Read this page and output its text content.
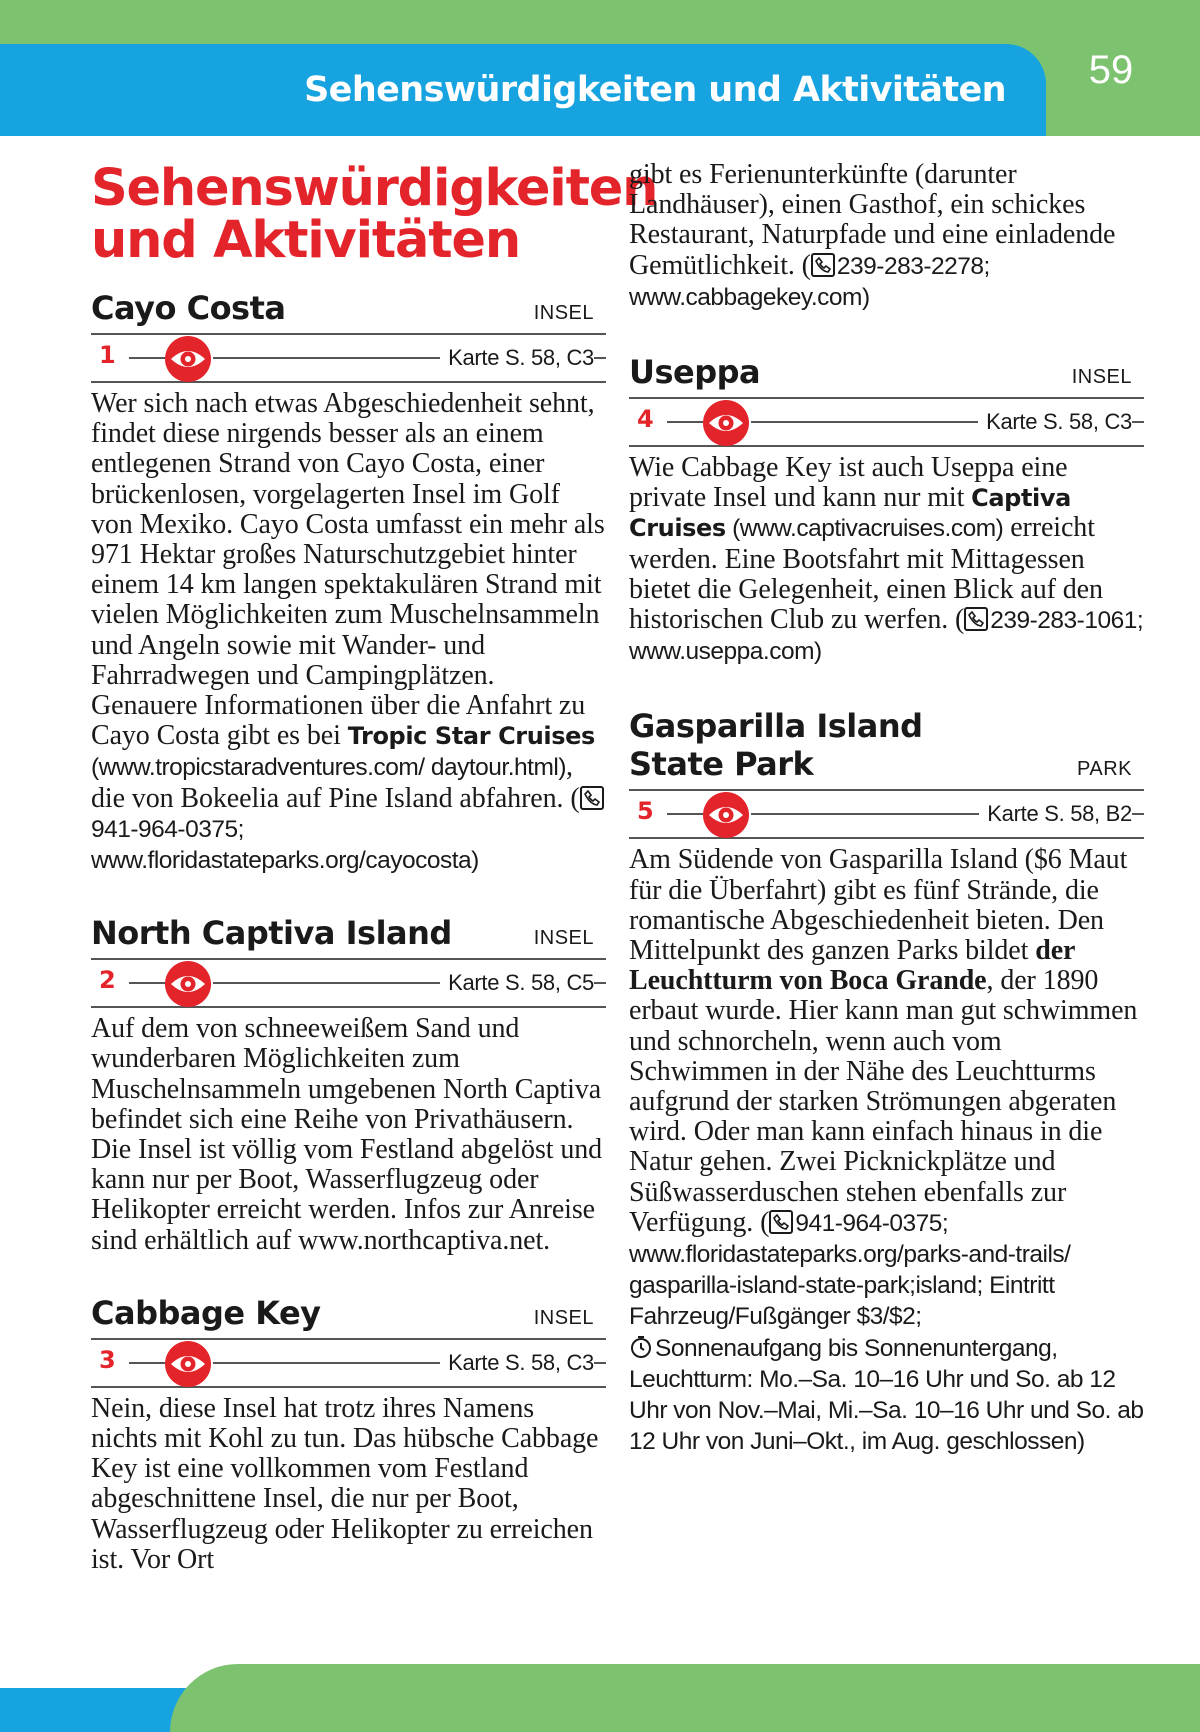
Sehenswürdigkeiten und Aktivitäten	59
Sehenswürdigkeiten
und Aktivitäten
Cayo Costa	INSEL
1	Karte S. 58, C3

Wer sich nach etwas Abgeschiedenheit sehnt, findet diese nirgends besser als an einem entlegenen Strand von Cayo Costa, einer brückenlosen, vorgelagerten Insel im Golf von Mexiko. Cayo Costa umfasst ein mehr als 971 Hektar großes Naturschutzgebiet hinter einem 14 km langen spektakulären Strand mit vielen Möglichkeiten zum Muschelnsammeln und Angeln sowie mit Wander- und Fahrradwegen und Campingplätzen. Genauere Informationen über die Anfahrt zu Cayo Costa gibt es bei Tropic Star Cruises (www.tropicstaradventures.com/ daytour.html), die von Bokeelia auf Pine Island abfahren. (
941-964-0375; www.floridastateparks.org/cayocosta)

North Captiva Island	INSEL
2	Karte S. 58, C5

Auf dem von schneeweißem Sand und wunderbaren Möglichkeiten zum Muschelnsammeln umgebenen North Captiva befindet sich eine Reihe von Privathäusern. Die Insel ist völlig vom Festland abgelöst und kann nur per Boot, Wasserflugzeug oder Helikopter erreicht werden. Infos zur Anreise sind erhältlich auf www.northcaptiva.net.

Cabbage Key	INSEL
3	Karte S. 58, C3

Nein, diese Insel hat trotz ihres Namens nichts mit Kohl zu tun. Das hübsche Cabbage Key ist eine vollkommen vom Festland abgeschnittene Insel, die nur per Boot, Wasserflugzeug oder Helikopter zu erreichen ist. Vor Ort

gibt es Ferienunterkünfte (darunter Landhäuser), einen Gasthof, ein schickes Restaurant, Naturpfade und eine einladende Gemütlichkeit. ( 239-283-2278; www.cabbagekey.com)

Useppa	INSEL
4	Karte S. 58, C3

Wie Cabbage Key ist auch Useppa eine private Insel und kann nur mit Captiva Cruises (www.captivacruises.com) erreicht werden. Eine Bootsfahrt mit Mittagessen bietet die Gelegenheit, einen Blick auf den historischen Club zu werfen. ( 239-283-1061; www.useppa.com)

Gasparilla Island State Park	PARK
5	Karte S. 58, B2

Am Südende von Gasparilla Island ($6 Maut für die Überfahrt) gibt es fünf Strände, die romantische Abgeschiedenheit bieten. Den Mittelpunkt des ganzen Parks bildet der Leuchtturm von Boca Grande, der 1890 erbaut wurde. Hier kann man gut schwimmen und schnorcheln, wenn auch vom Schwimmen in der Nähe des Leuchtturms aufgrund der starken Strömungen abgeraten wird. Oder man kann einfach hinaus in die Natur gehen. Zwei Picknickplätze und Süßwasserduschen stehen ebenfalls zur Verfügung. ( 941-964-0375; www.floridastateparks.org/parks-and-trails/ gasparilla-island-state-park;island; Eintritt Fahrzeug/Fußgänger $3/$2;
Sonnenaufgang bis Sonnenuntergang, Leuchtturm: Mo.–Sa. 10–16 Uhr und So. ab 12 Uhr von Nov.–Mai, Mi.–Sa. 10–16 Uhr und So. ab 12 Uhr von Juni–Okt., im Aug. geschlossen)
